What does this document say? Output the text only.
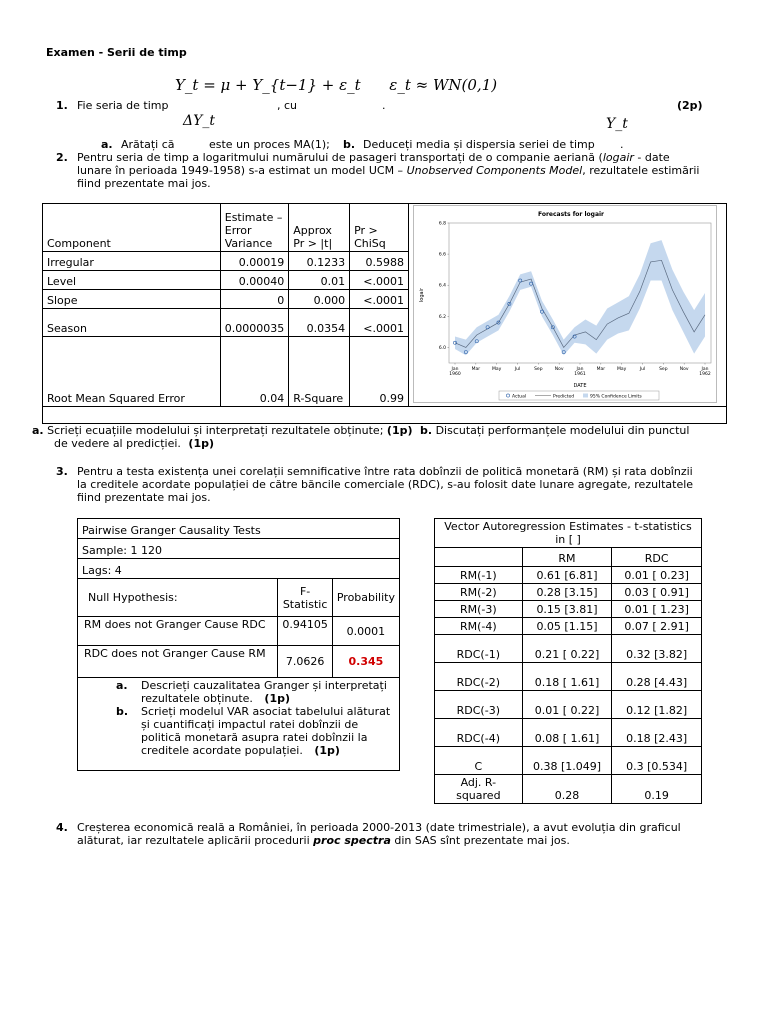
Examen - Serii de timp
Y_t = μ + Y_{t−1} + ε_t      ε_t ≈ WN(0,1)
1. Fie seria de timp	, cu	.	(2p)
ΔY_t	Y_t
a. Arătați că	este un proces MA(1); b. Deduceți media și dispersia seriei de timp .
2. Pentru seria de timp a logaritmului numărului de pasageri transportați de o companie aeriană (logair - date
lunare în perioada 1949-1958) s-a estimat un model UCM – Unobserved Components Model, rezultatele estimării
fiind prezentate mai jos.
Component	Estimate – Error Variance	Approx Pr > |t|	Pr > ChiSq
Irregular	0.00019	0.1233	0.5988
Level	0.00040	0.01	<.0001
Slope	0	0.000	<.0001
Season	0.0000035	0.0354	<.0001
Root Mean Squared Error	0.04	R-Square	0.99
Forecasts for logair
6.8
6.6
6.4
6.2
6.0
Jan
1960
Mar	May	Jul	Sep	Nov	Jan
1961
Mar	May	Jul	Sep	Nov	Jan
1962
logair
DATE
Actual	Predicted	95% Confidence Limits
a. Scrieți ecuațiile modelului și interpretați rezultatele obținute; (1p) b. Discutați performanțele modelului din punctul
de vedere al predicției. (1p)
3. Pentru a testa existența unei corelații semnificative între rata dobînzii de politică monetară (RM) și rata dobînzii
la creditele acordate populației de către băncile comerciale (RDC), s-au folosit date lunare agregate, rezultatele
fiind prezentate mai jos.
Pairwise Granger Causality Tests		
Sample: 1 120		
Lags: 4		
Null Hypothesis:	F-Statistic	Probability
RM does not Granger Cause RDC	0.94105	0.0001
RDC does not Granger Cause RM	7.0626	0.345

a. Descrieți cauzalitatea Granger și interpretați rezultatele obținute. (1p)
b. Scrieți modelul VAR asociat tabelului alăturat și cuantificați impactul ratei dobînzii de politică monetară asupra ratei dobînzii la creditele acordate populației. (1p)		
Vector Autoregression Estimates - t-statistics in [ ]		
	RM	RDC
RM(-1)	0.61 [6.81]	0.01 [ 0.23]
RM(-2)	0.28 [3.15]	0.03 [ 0.91]
RM(-3)	0.15 [3.81]	0.01 [ 1.23]
RM(-4)	0.05 [1.15]	0.07 [ 2.91]
RDC(-1)	0.21 [ 0.22]	0.32 [3.82]
RDC(-2)	0.18 [ 1.61]	0.28 [4.43]
RDC(-3)	0.01 [ 0.22]	0.12 [1.82]
RDC(-4)	0.08 [ 1.61]	0.18 [2.43]
C	0.38 [1.049]	0.3 [0.534]
Adj. R-squared	0.28	0.19
4. Creșterea economică reală a României, în perioada 2000-2013 (date trimestriale), a avut evoluția din graficul
alăturat, iar rezultatele aplicării procedurii proc spectra din SAS sînt prezentate mai jos.
